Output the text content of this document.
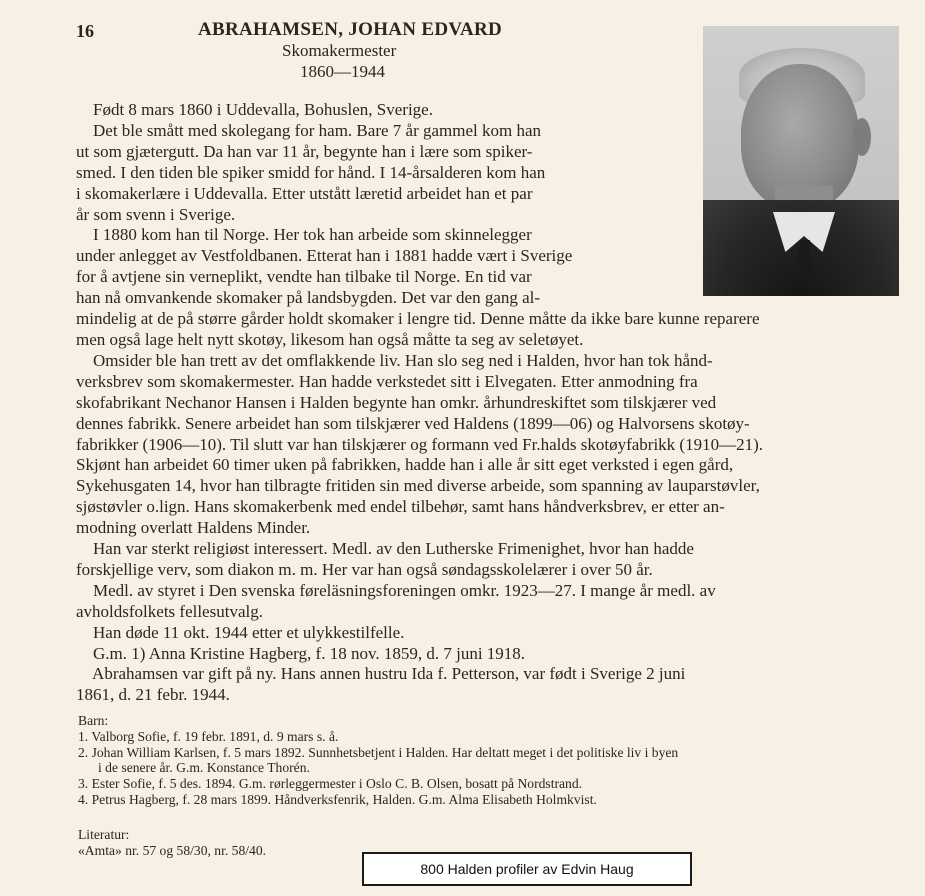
16	ABRAHAMSEN, JOHAN EDVARD
Skomakermester
1860—1944

Født 8 mars 1860 i Uddevalla, Bohuslen, Sverige.

Det ble smått med skolegang for ham. Bare 7 år gammel kom han

ut som gjætergutt. Da han var 11 år, begynte han i lære som spiker-

smed. I den tiden ble spiker smidd for hånd. I 14-årsalderen kom han

i skomakerlære i Uddevalla. Etter utstått læretid arbeidet han et par

år som svenn i Sverige.

I 1880 kom han til Norge. Her tok han arbeide som skinnelegger

under anlegget av Vestfoldbanen. Etterat han i 1881 hadde vært i Sverige

for å avtjene sin verneplikt, vendte han tilbake til Norge. En tid var

han nå omvankende skomaker på landsbygden. Det var den gang al-

mindelig at de på større gårder holdt skomaker i lengre tid. Denne måtte da ikke bare kunne reparere

men også lage helt nytt skotøy, likesom han også måtte ta seg av seletøyet.

Omsider ble han trett av det omflakkende liv. Han slo seg ned i Halden, hvor han tok hånd-

verksbrev som skomakermester. Han hadde verkstedet sitt i Elvegaten. Etter anmodning fra

skofabrikant Nechanor Hansen i Halden begynte han omkr. århundreskiftet som tilskjærer ved

dennes fabrikk. Senere arbeidet han som tilskjærer ved Haldens (1899—06) og Halvorsens skotøy-

fabrikker (1906—10). Til slutt var han tilskjærer og formann ved Fr.halds skotøyfabrikk (1910—21).

Skjønt han arbeidet 60 timer uken på fabrikken, hadde han i alle år sitt eget verksted i egen gård,

Sykehusgaten 14, hvor han tilbragte fritiden sin med diverse arbeide, som spanning av lauparstøvler,

sjøstøvler o.lign. Hans skomakerbenk med endel tilbehør, samt hans håndverksbrev, er etter an-

modning overlatt Haldens Minder.

Han var sterkt religiøst interessert. Medl. av den Lutherske Frimenighet, hvor han hadde

forskjellige verv, som diakon m. m. Her var han også søndagsskolelærer i over 50 år.

Medl. av styret i Den svenska føreläsningsforeningen omkr. 1923—27. I mange år medl. av

avholdsfolkets fellesutvalg.

Han døde 11 okt. 1944 etter et ulykkestilfelle.

G.m. 1) Anna Kristine Hagberg, f. 18 nov. 1859, d. 7 juni 1918.

Abrahamsen var gift på ny. Hans annen hustru Ida f. Petterson, var født i Sverige 2 juni

1861, d. 21 febr. 1944.

Barn:

1. Valborg Sofie, f. 19 febr. 1891, d. 9 mars s. å.

2. Johan William Karlsen, f. 5 mars 1892. Sunnhetsbetjent i Halden. Har deltatt meget i det politiske liv i byen

i de senere år. G.m. Konstance Thorén.

3. Ester Sofie, f. 5 des. 1894. G.m. rørleggermester i Oslo C. B. Olsen, bosatt på Nordstrand.

4. Petrus Hagberg, f. 28 mars 1899. Håndverksfenrik, Halden. G.m. Alma Elisabeth Holmkvist.

Literatur:

«Amta» nr. 57 og 58/30, nr. 58/40.

800 Halden profiler av Edvin Haug
